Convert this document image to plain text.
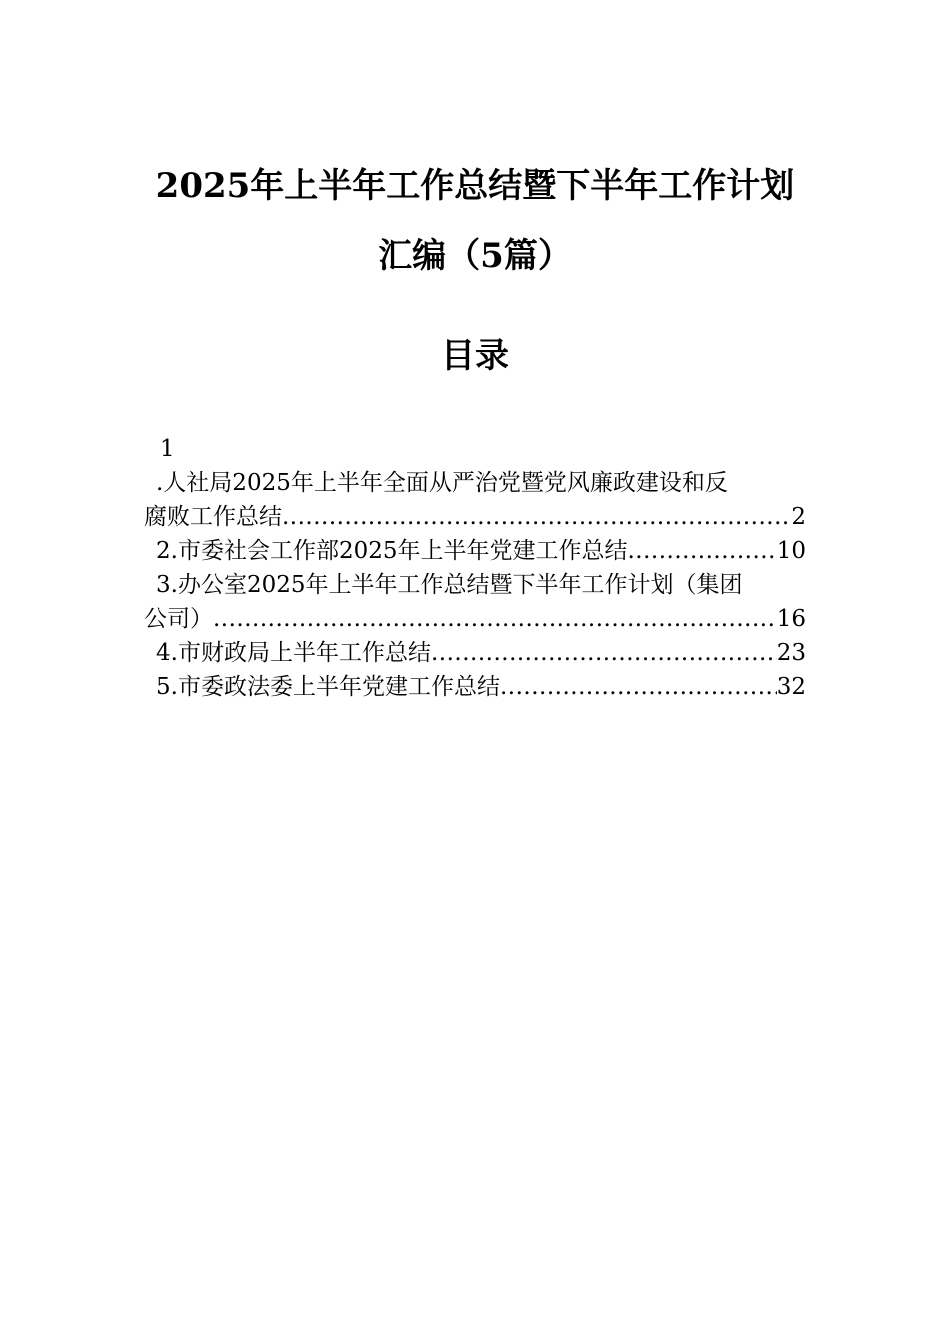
2025年上半年工作总结暨下半年工作计划
汇编（5篇）
目录
1
.人社局2025年上半年全面从严治党暨党风廉政建设和反
腐败工作总结 .....	2
2.市委社会工作部2025年上半年党建工作总结 .....	10
3.办公室2025年上半年工作总结暨下半年工作计划（集团
公司） .....	16
4.市财政局上半年工作总结 .....	23
5.市委政法委上半年党建工作总结 .....	32
